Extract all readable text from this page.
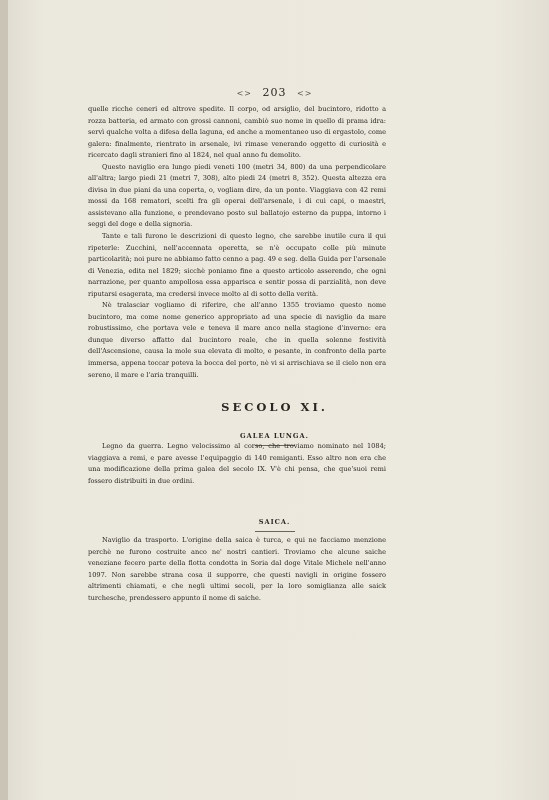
<> 203 <>

quelle ricche ceneri ed altrove spedite. Il corpo, od arsiglio, del bucintoro, ridotto a rozza batteria, ed armato con grossi cannoni, cambiò suo nome in quello di prama idra: servì qualche volta a difesa della laguna, ed anche a momentaneo uso di ergastolo, come galera: finalmente, rientrato in arsenale, ivi rimase venerando oggetto di curiosità e ricercato dagli stranieri fino al 1824, nel qual anno fu demolito.

Questo naviglio era lungo piedi veneti 100 (metri 34, 800) da una perpendicolare all'altra; largo piedi 21 (metri 7, 308), alto piedi 24 (metri 8, 352). Questa altezza era divisa in due piani da una coperta, o, vogliam dire, da un ponte. Viaggiava con 42 remi mossi da 168 rematori, scelti fra gli operai dell'arsenale, i di cui capi, o maestri, assistevano alla funzione, e prendevano posto sul ballatojo esterno da puppa, intorno i seggi del doge e della signoria.

Tante e tali furono le descrizioni di questo legno, che sarebbe inutile cura il qui ripeterle: Zucchini, nell'accennata operetta, se n'è occupato colle più minute particolarità; noi pure ne abbiamo fatto cenno a pag. 49 e seg. della Guida per l'arsenale di Venezia, edita nel 1829; sicchè poniamo fine a questo articolo asserendo, che ogni narrazione, per quanto ampollosa essa apparisca e sentir possa di parzialità, non deve riputarsi esagerata, ma credersi invece molto al di sotto della verità.

Nè tralasciar vogliamo di riferire, che all'anno 1355 troviamo questo nome bucintoro, ma come nome generico appropriato ad una specie di naviglio da mare robustissimo, che portava vele e teneva il mare anco nella stagione d'inverno: era dunque diverso affatto dal bucintoro reale, che in quella solenne festività dell'Ascensione, causa la mole sua elevata di molto, e pesante, in confronto della parte immersa, appena toccar poteva la bocca del porto, nè vi si arrischiava se il cielo non era sereno, il mare e l'aria tranquilli.

SECOLO XI.
GALEA LUNGA.

Legno da guerra. Legno velocissimo al corso, che troviamo nominato nel 1084; viaggiava a remi, e pare avesse l'equipaggio di 140 remiganti. Esso altro non era che una modificazione della prima galea del secolo IX. V'è chi pensa, che que'suoi remi fossero distribuiti in due ordini.

SAICA.

Naviglio da trasporto. L'origine della saica è turca, e qui ne facciamo menzione perchè ne furono costruite anco ne' nostri cantieri. Troviamo che alcune saiche veneziane fecero parte della flotta condotta in Soria dal doge Vitale Michele nell'anno 1097. Non sarebbe strana cosa il supporre, che questi navigli in origine fossero altrimenti chiamati, e che negli ultimi secoli, per la loro somiglianza alle saick turchesche, prendessero appunto il nome di saiche.
